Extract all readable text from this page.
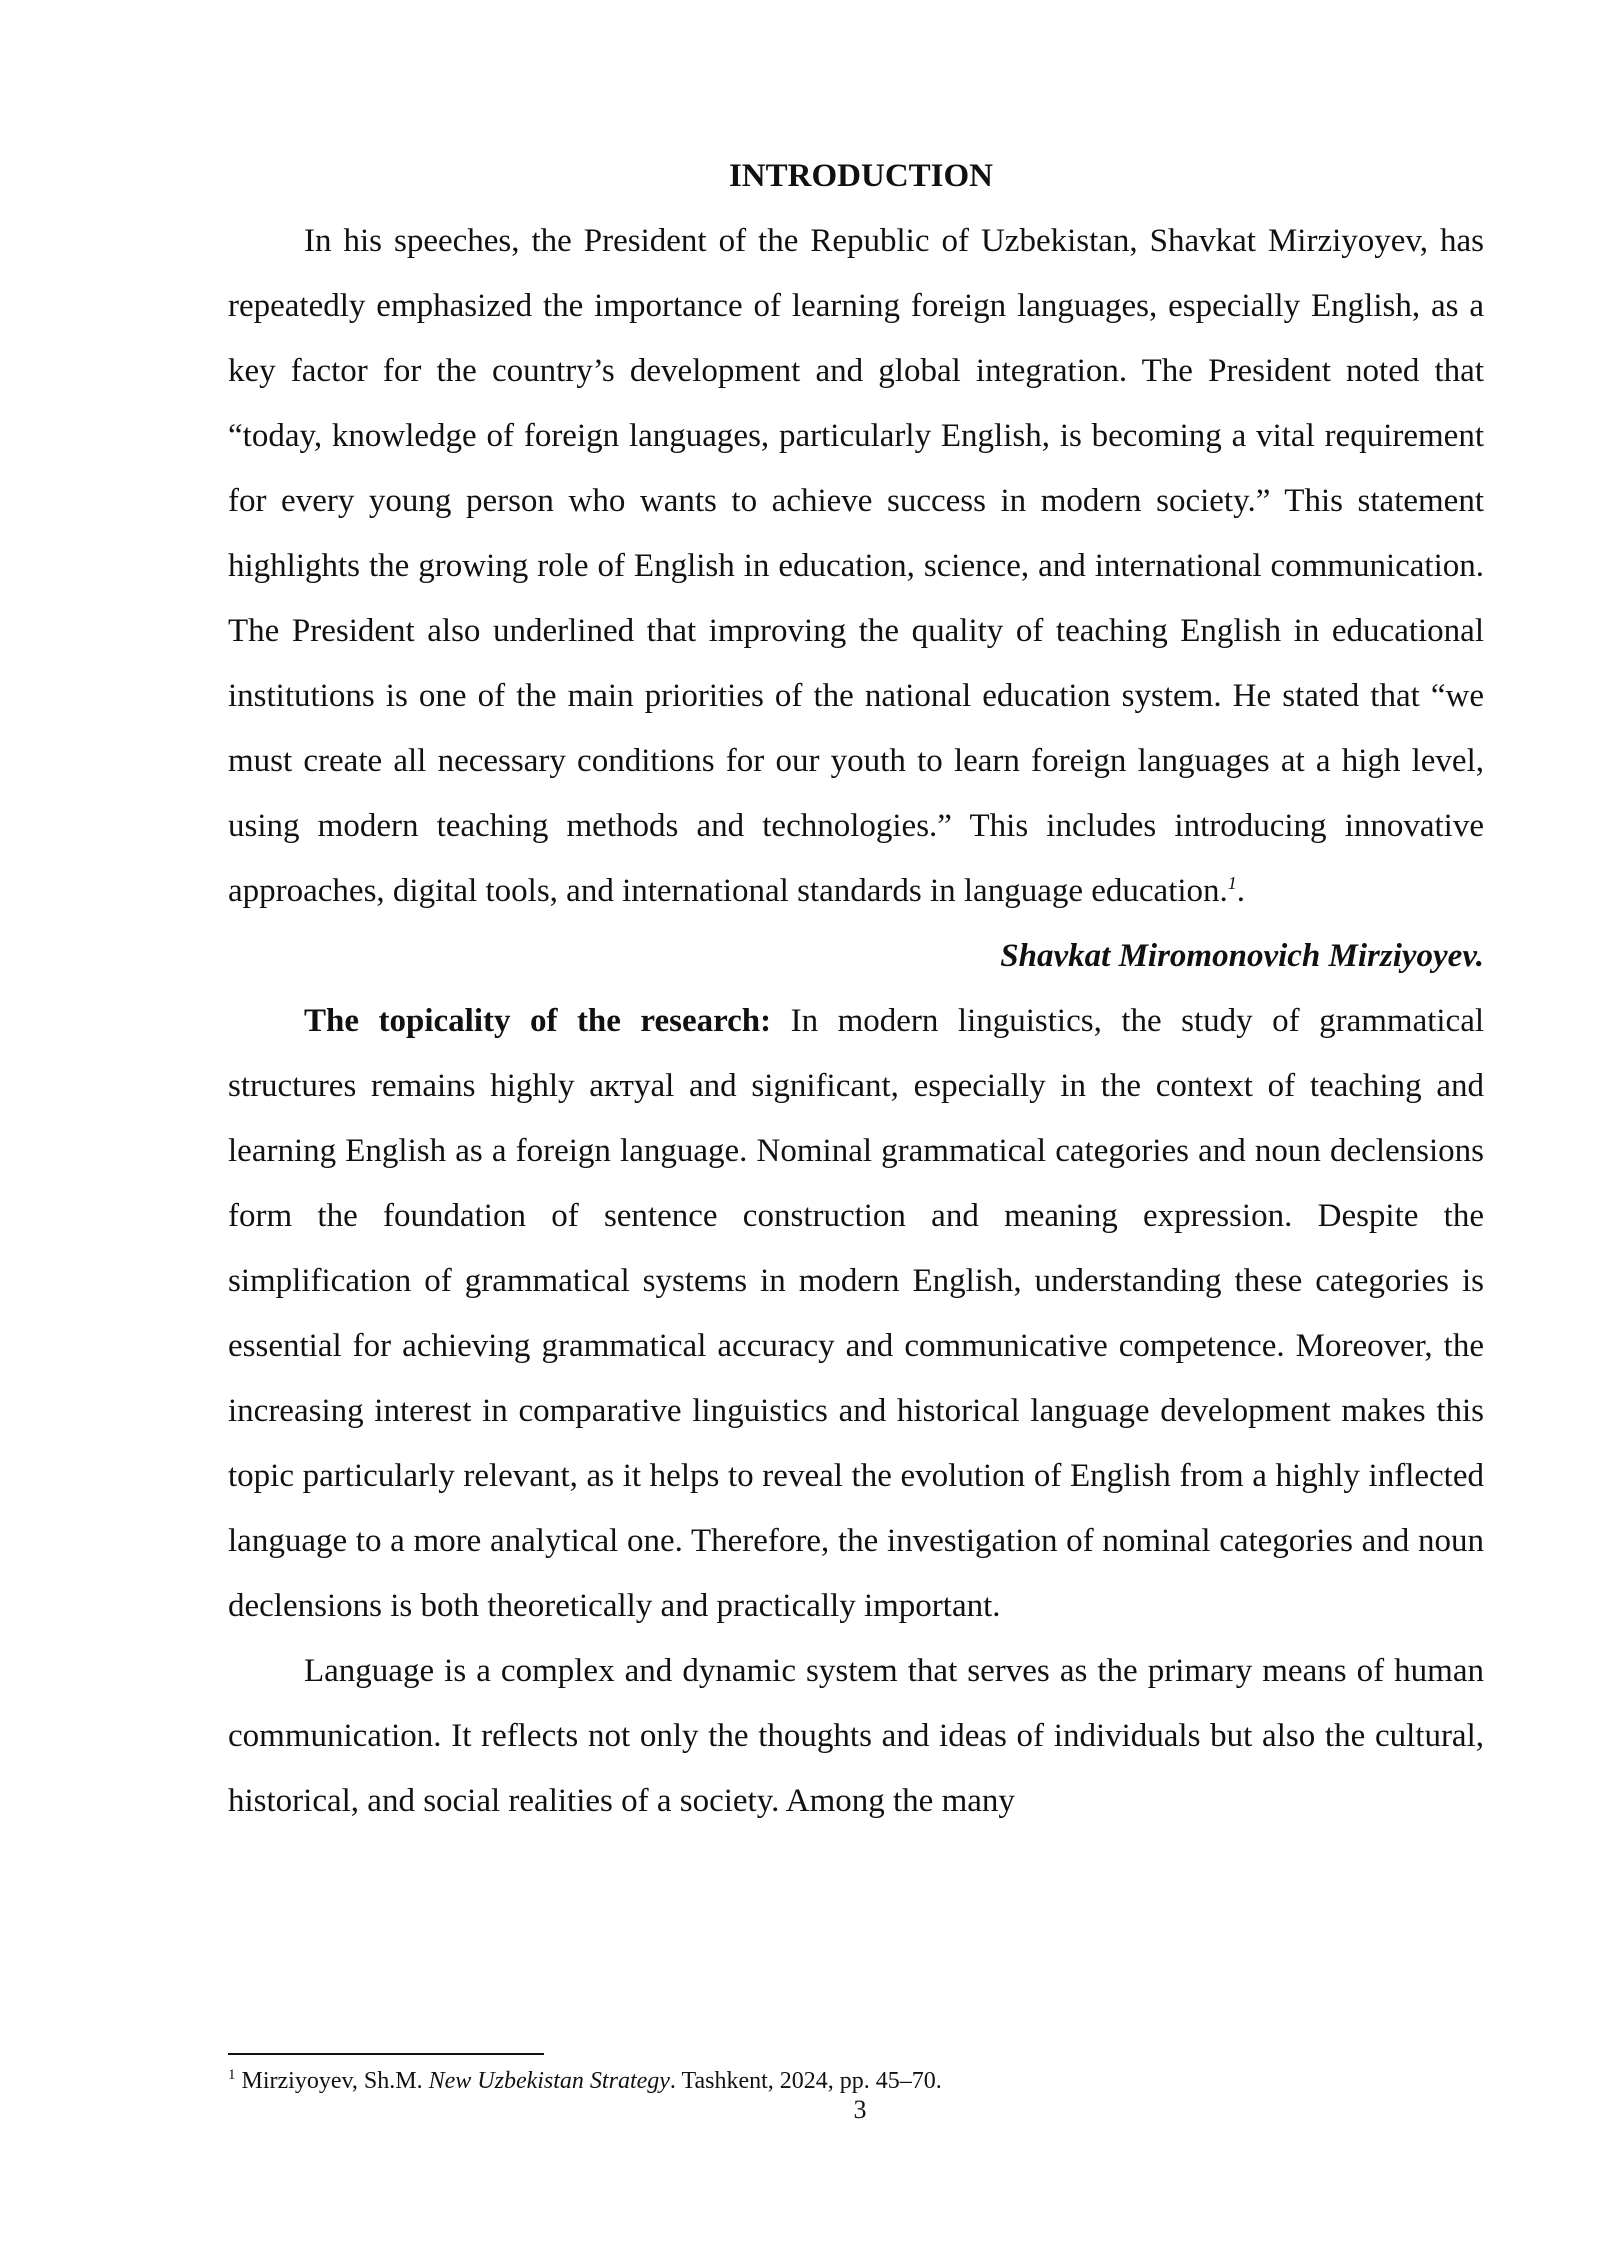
INTRODUCTION

In his speeches, the President of the Republic of Uzbekistan, Shavkat Mirziyoyev, has repeatedly emphasized the importance of learning foreign languages, especially English, as a key factor for the country’s development and global integration. The President noted that “today, knowledge of foreign languages, particularly English, is becoming a vital requirement for every young person who wants to achieve success in modern society.” This statement highlights the growing role of English in education, science, and international communication. The President also underlined that improving the quality of teaching English in educational institutions is one of the main priorities of the national education system. He stated that “we must create all necessary conditions for our youth to learn foreign languages at a high level, using modern teaching methods and technologies.” This includes introducing innovative approaches, digital tools, and international standards in language education.$^1$.

Shavkat Miromonovich Mirziyoyev.

The topicality of the research: In modern linguistics, the study of grammatical structures remains highly актyal and significant, especially in the context of teaching and learning English as a foreign language. Nominal grammatical categories and noun declensions form the foundation of sentence construction and meaning expression. Despite the simplification of grammatical systems in modern English, understanding these categories is essential for achieving grammatical accuracy and communicative competence. Moreover, the increasing interest in comparative linguistics and historical language development makes this topic particularly relevant, as it helps to reveal the evolution of English from a highly inflected language to a more analytical one. Therefore, the investigation of nominal categories and noun declensions is both theoretically and practically important.

Language is a complex and dynamic system that serves as the primary means of human communication. It reflects not only the thoughts and ideas of individuals but also the cultural, historical, and social realities of a society. Among the many

$^1$ Mirziyoyev, Sh.M. New Uzbekistan Strategy. Tashkent, 2024, pp. 45–70.
3
